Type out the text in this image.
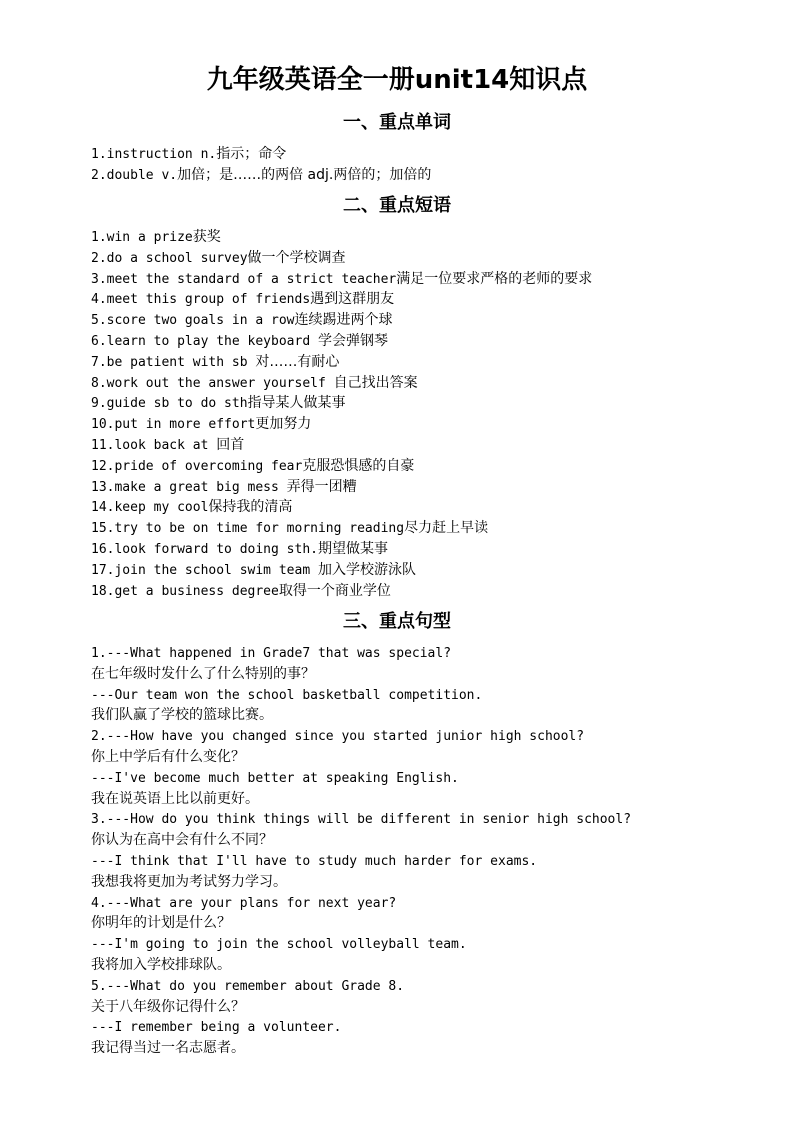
九年级英语全一册unit14知识点
一、重点单词
1.instruction n.指示；命令
2.double v.加倍；是……的两倍 adj.两倍的；加倍的
二、重点短语
1.win a prize获奖
2.do a school survey做一个学校调查
3.meet the standard of a strict teacher满足一位要求严格的老师的要求
4.meet this group of friends遇到这群朋友
5.score two goals in a row连续踢进两个球
6.learn to play the keyboard 学会弹钢琴
7.be patient with sb 对……有耐心
8.work out the answer yourself 自己找出答案
9.guide sb to do sth指导某人做某事
10.put in more effort更加努力
11.look back at 回首
12.pride of overcoming fear克服恐惧感的自豪
13.make a great big mess 弄得一团糟
14.keep my cool保持我的清高
15.try to be on time for morning reading尽力赶上早读
16.look forward to doing sth.期望做某事
17.join the school swim team 加入学校游泳队
18.get a business degree取得一个商业学位
三、重点句型
1.---What happened in Grade7 that was special?
在七年级时发什么了什么特别的事？
---Our team won the school basketball competition.
我们队赢了学校的篮球比赛。
2.---How have you changed since you started junior high school?
你上中学后有什么变化？
---I've become much better at speaking English.
我在说英语上比以前更好。
3.---How do you think things will be different in senior high school?
你认为在高中会有什么不同？
---I think that I'll have to study much harder for exams.
我想我将更加为考试努力学习。
4.---What are your plans for next year?
你明年的计划是什么？
---I'm going to join the school volleyball team.
我将加入学校排球队。
5.---What do you remember about Grade 8.
关于八年级你记得什么？
---I remember being a volunteer.
我记得当过一名志愿者。
